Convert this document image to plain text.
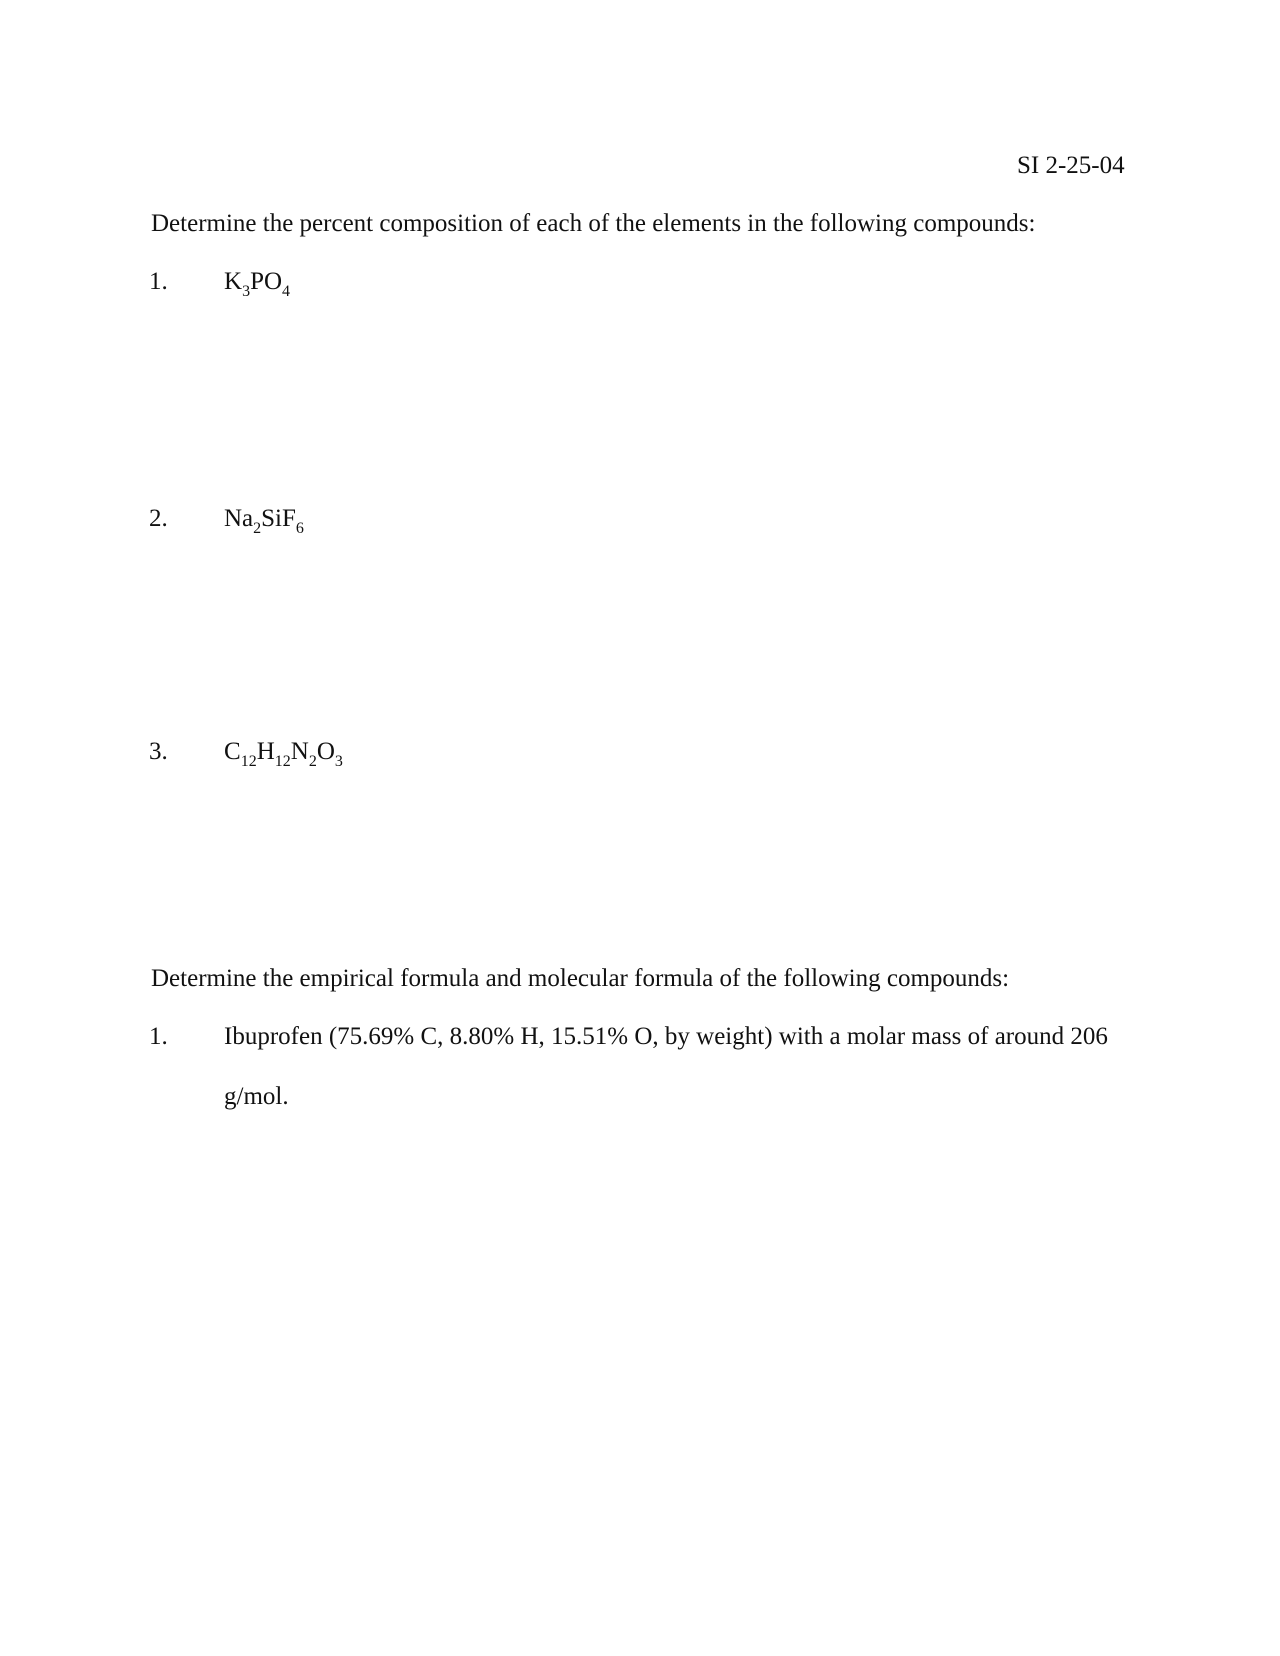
SI 2-25-04
Determine the percent composition of each of the elements in the following compounds:
1. $K_3PO_4$
2. $Na_2SiF_6$
3. $C_{12}H_{12}N_2O_3$
Determine the empirical formula and molecular formula of the following compounds:
1. Ibuprofen (75.69% C, 8.80% H, 15.51% O, by weight) with a molar mass of around 206
g/mol.
